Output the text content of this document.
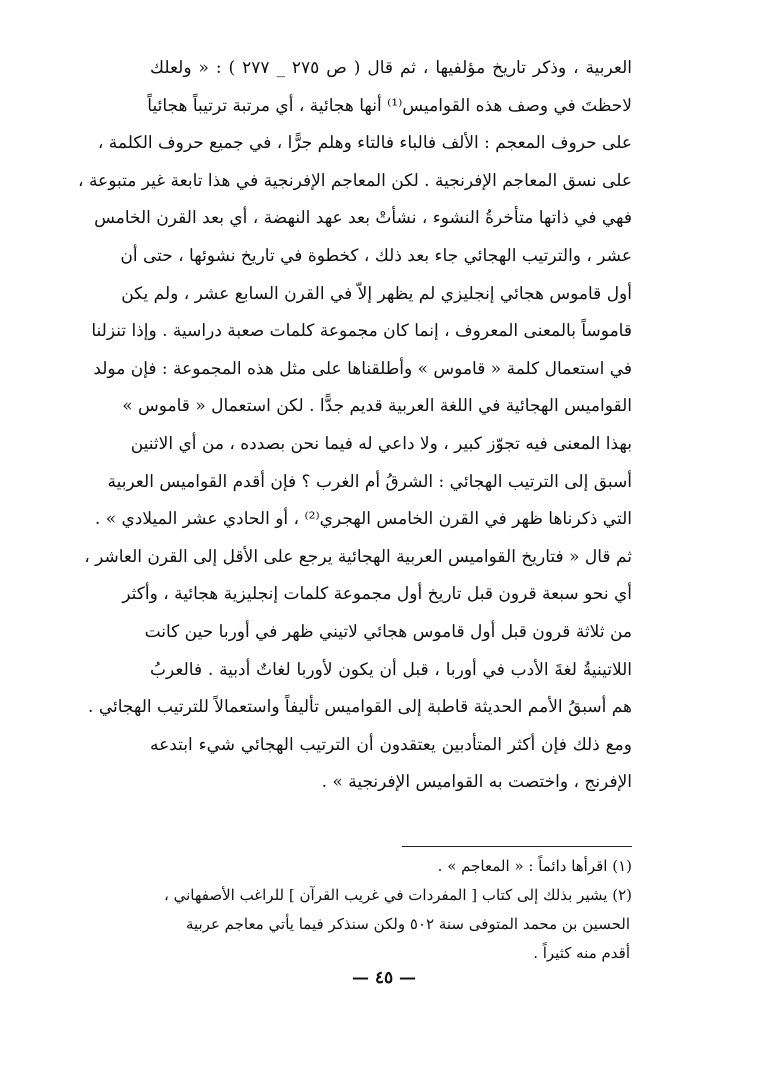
العربية ، وذكر تاريخ مؤلفيها ، ثم قال ( ص ٢٧٥ _ ٢٧٧ ) : « ولعلك
لاحظتَ في وصف هذه القواميس⁽¹⁾ أنها هجائية ، أي مرتبة ترتيباً هجائياً
على حروف المعجم : الألف فالباء فالتاء وهلم جرًّا ، في جميع حروف الكلمة ،
على نسق المعاجم الإفرنجية . لكن المعاجم الإفرنجية في هذا تابعة غير متبوعة ،
فهي في ذاتها متأخرةُ النشوء ، نشأتْ بعد عهد النهضة ، أي بعد القرن الخامس
عشر ، والترتيب الهجائي جاء بعد ذلك ، كخطوة في تاريخ نشوئها ، حتى أن
أول قاموس هجائي إنجليزي لم يظهر إلاّ في القرن السابع عشر ، ولم يكن
قاموساً بالمعنى المعروف ، إنما كان مجموعة كلمات صعبة دراسية . وإذا تنزلنا
في استعمال كلمة « قاموس » وأطلقناها على مثل هذه المجموعة : فإن مولد
القواميس الهجائية في اللغة العربية قديم جدًّا . لكن استعمال « قاموس »
بهذا المعنى فيه تجوّز كبير ، ولا داعي له فيما نحن بصدده ، من أي الاثنين
أسبق إلى الترتيب الهجائي : الشرقُ أم الغرب ؟ فإن أقدم القواميس العربية
التي ذكرناها ظهر في القرن الخامس الهجري⁽²⁾ ، أو الحادي عشر الميلادي » .
ثم قال « فتاريخ القواميس العربية الهجائية يرجع على الأقل إلى القرن العاشر ،
أي نحو سبعة قرون قبل تاريخ أول مجموعة كلمات إنجليزية هجائية ، وأكثر
من ثلاثة قرون قبل أول قاموس هجائي لاتيني ظهر في أوربا حين كانت
اللاتينيةُ لغةَ الأدب في أوربا ، قبل أن يكون لأوربا لغاتٌ أدبية . فالعربُ
هم أسبقُ الأمم الحديثة قاطبة إلى القواميس تأليفاً واستعمالاً للترتيب الهجائي .
ومع ذلك فإن أكثر المتأدبين يعتقدون أن الترتيب الهجائي شيء ابتدعه
الإفرنج ، واختصت به القواميس الإفرنجية » .
(١) اقرأها دائماً : « المعاجم » .
(٢) يشير بذلك إلى كتاب [ المفردات في غريب القرآن ] للراغب الأصفهاني ،
الحسين بن محمد المتوفى سنة ٥٠٢ ولكن سنذكر فيما يأتي معاجم عربية
أقدم منه كثيراً .
— ٤٥ —
